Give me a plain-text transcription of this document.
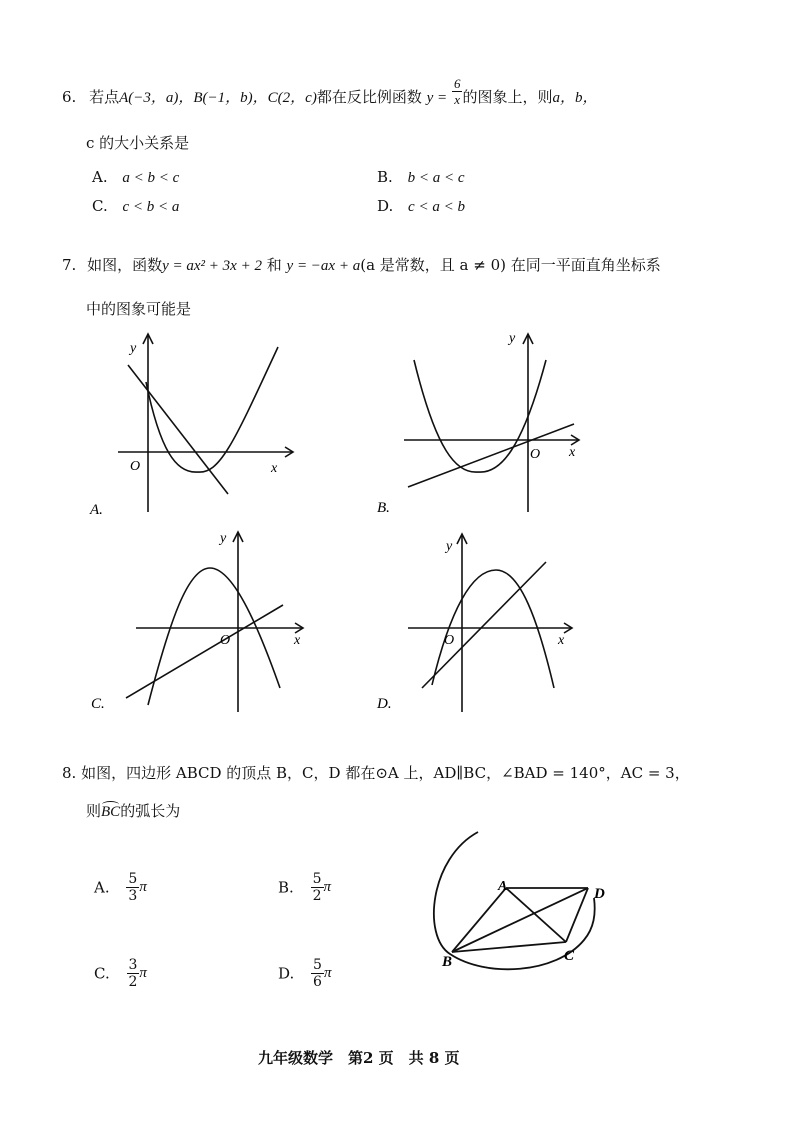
6. 若点A(−3，a)，B(−1，b)，C(2，c)都在反比例函数 $y = \frac{6}{x}$ 的图象上，则a，b，
c 的大小关系是
A. a < b < c	B. b < a < c
C. c < b < a	D. c < a < b
7. 如图，函数y = ax² + 3x + 2 和 y = −ax + a(a 是常数，且 a ≠ 0) 在同一平面直角坐标系
中的图象可能是
y
x
O
A.
y
x
O
B.
y
x
O
C.
y
x
O
D.
8. 如图，四边形 ABCD 的顶点 B，C，D 都在⊙A 上，AD∥BC，∠BAD = 140°，AC = 3，
则
BC的弧长为
A. $\frac{5}{3}$ π	B. $\frac{5}{2}$ π
C. $\frac{3}{2}$ π	D. $\frac{5}{6}$ π
A	D
B	C
九年级数学　第2 页　共 8 页
